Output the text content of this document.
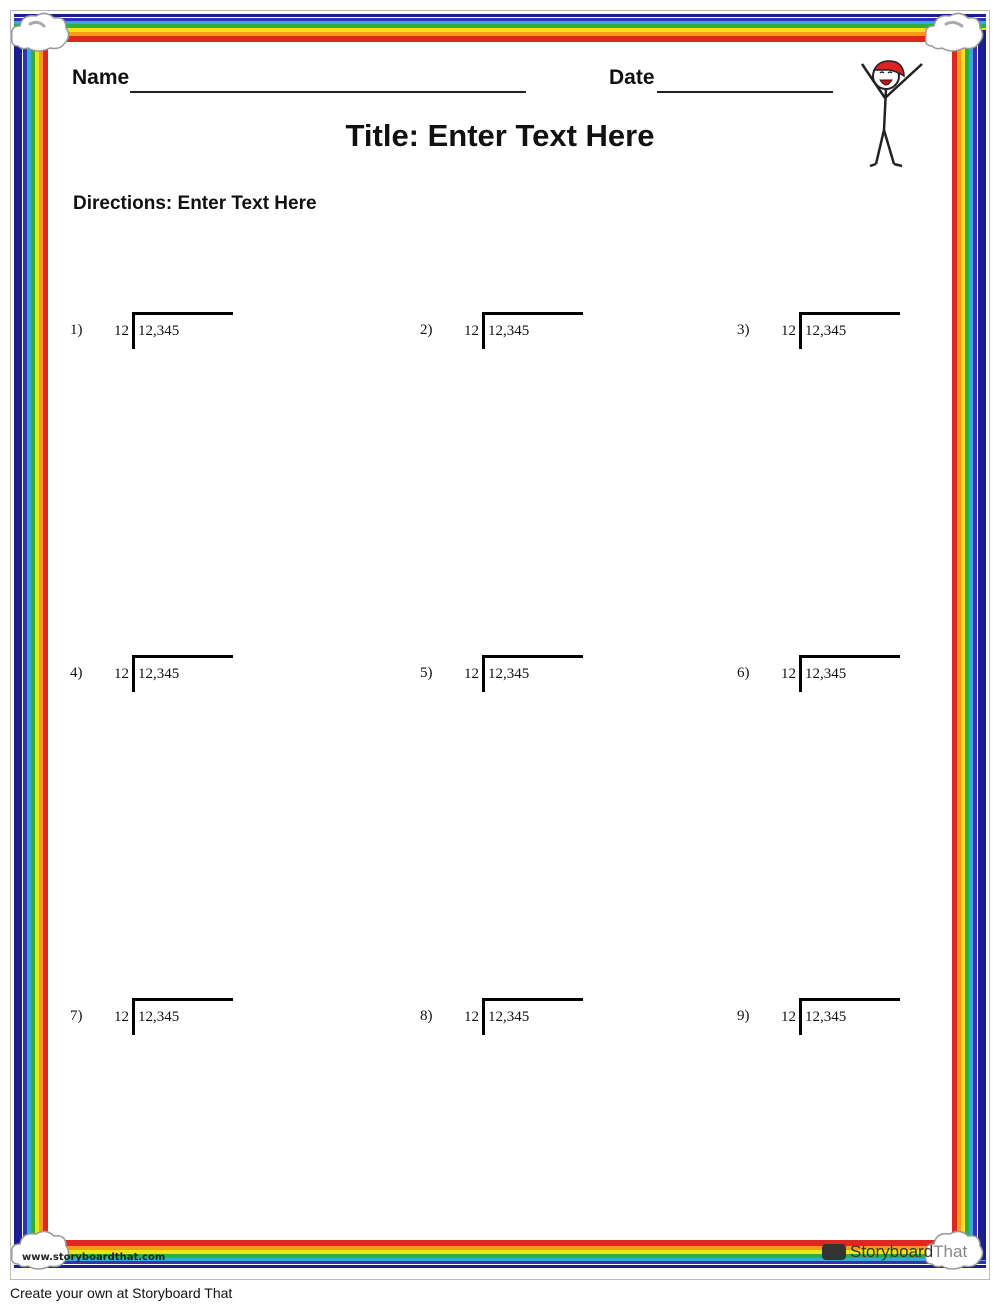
Name	Date
Title: Enter Text Here
Directions: Enter Text Here
1) 12 12,345	2) 12 12,345	3) 12 12,345
4) 12 12,345	5) 12 12,345	6) 12 12,345
7) 12 12,345	8) 12 12,345	9) 12 12,345
www.storyboardthat.com	StoryboardThat
Create your own at Storyboard That
